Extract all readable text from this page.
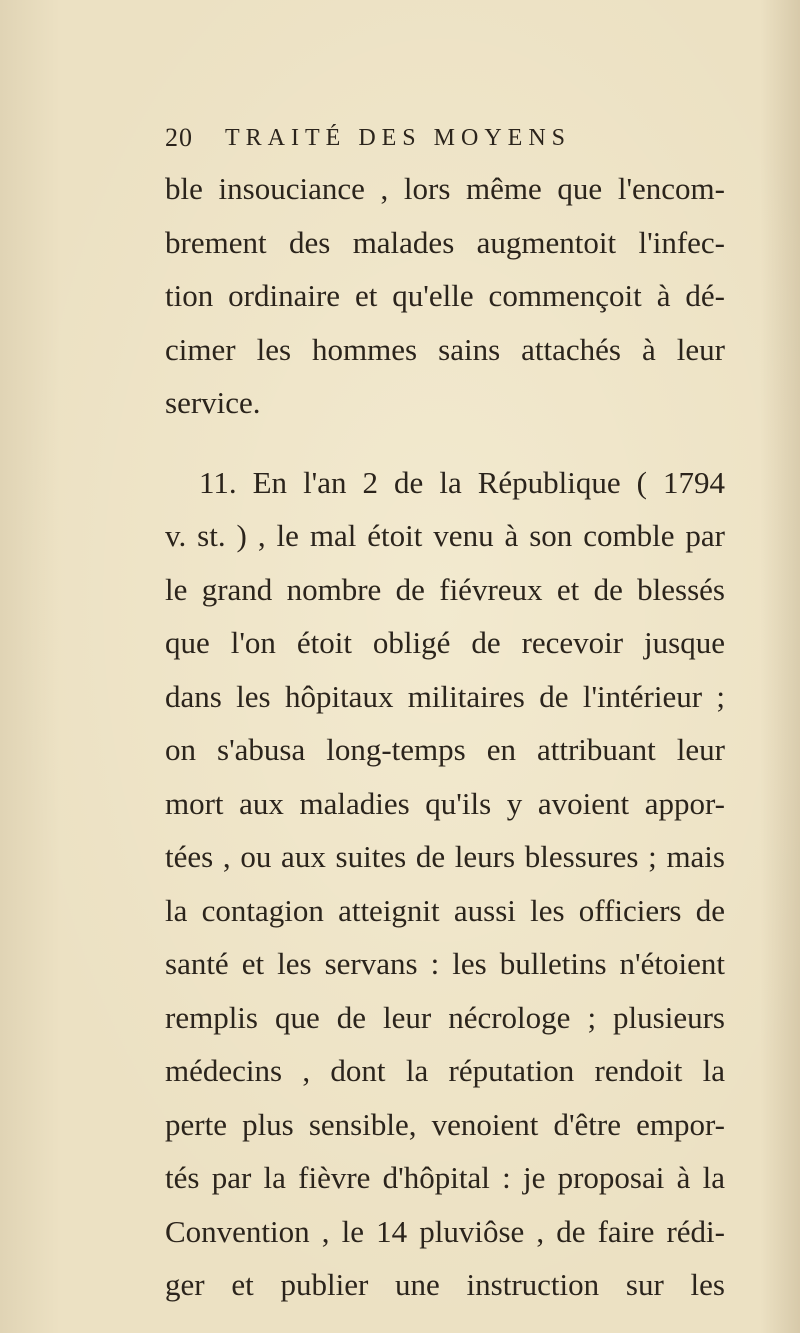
20 TRAITÉ DES MOYENS
ble insouciance , lors même que l'encom-
brement des malades augmentoit l'infec-
tion ordinaire et qu'elle commençoit à dé-
cimer les hommes sains attachés à leur
service.
11. En l'an 2 de la République ( 1794
v. st. ) , le mal étoit venu à son comble par
le grand nombre de fiévreux et de blessés
que l'on étoit obligé de recevoir jusque
dans les hôpitaux militaires de l'intérieur ;
on s'abusa long-temps en attribuant leur
mort aux maladies qu'ils y avoient appor-
tées , ou aux suites de leurs blessures ; mais
la contagion atteignit aussi les officiers de
santé et les servans : les bulletins n'étoient
remplis que de leur nécrologe ; plusieurs
médecins , dont la réputation rendoit la
perte plus sensible, venoient d'être empor-
tés par la fièvre d'hôpital : je proposai à la
Convention , le 14 pluviôse , de faire rédi-
ger et publier une instruction sur les
